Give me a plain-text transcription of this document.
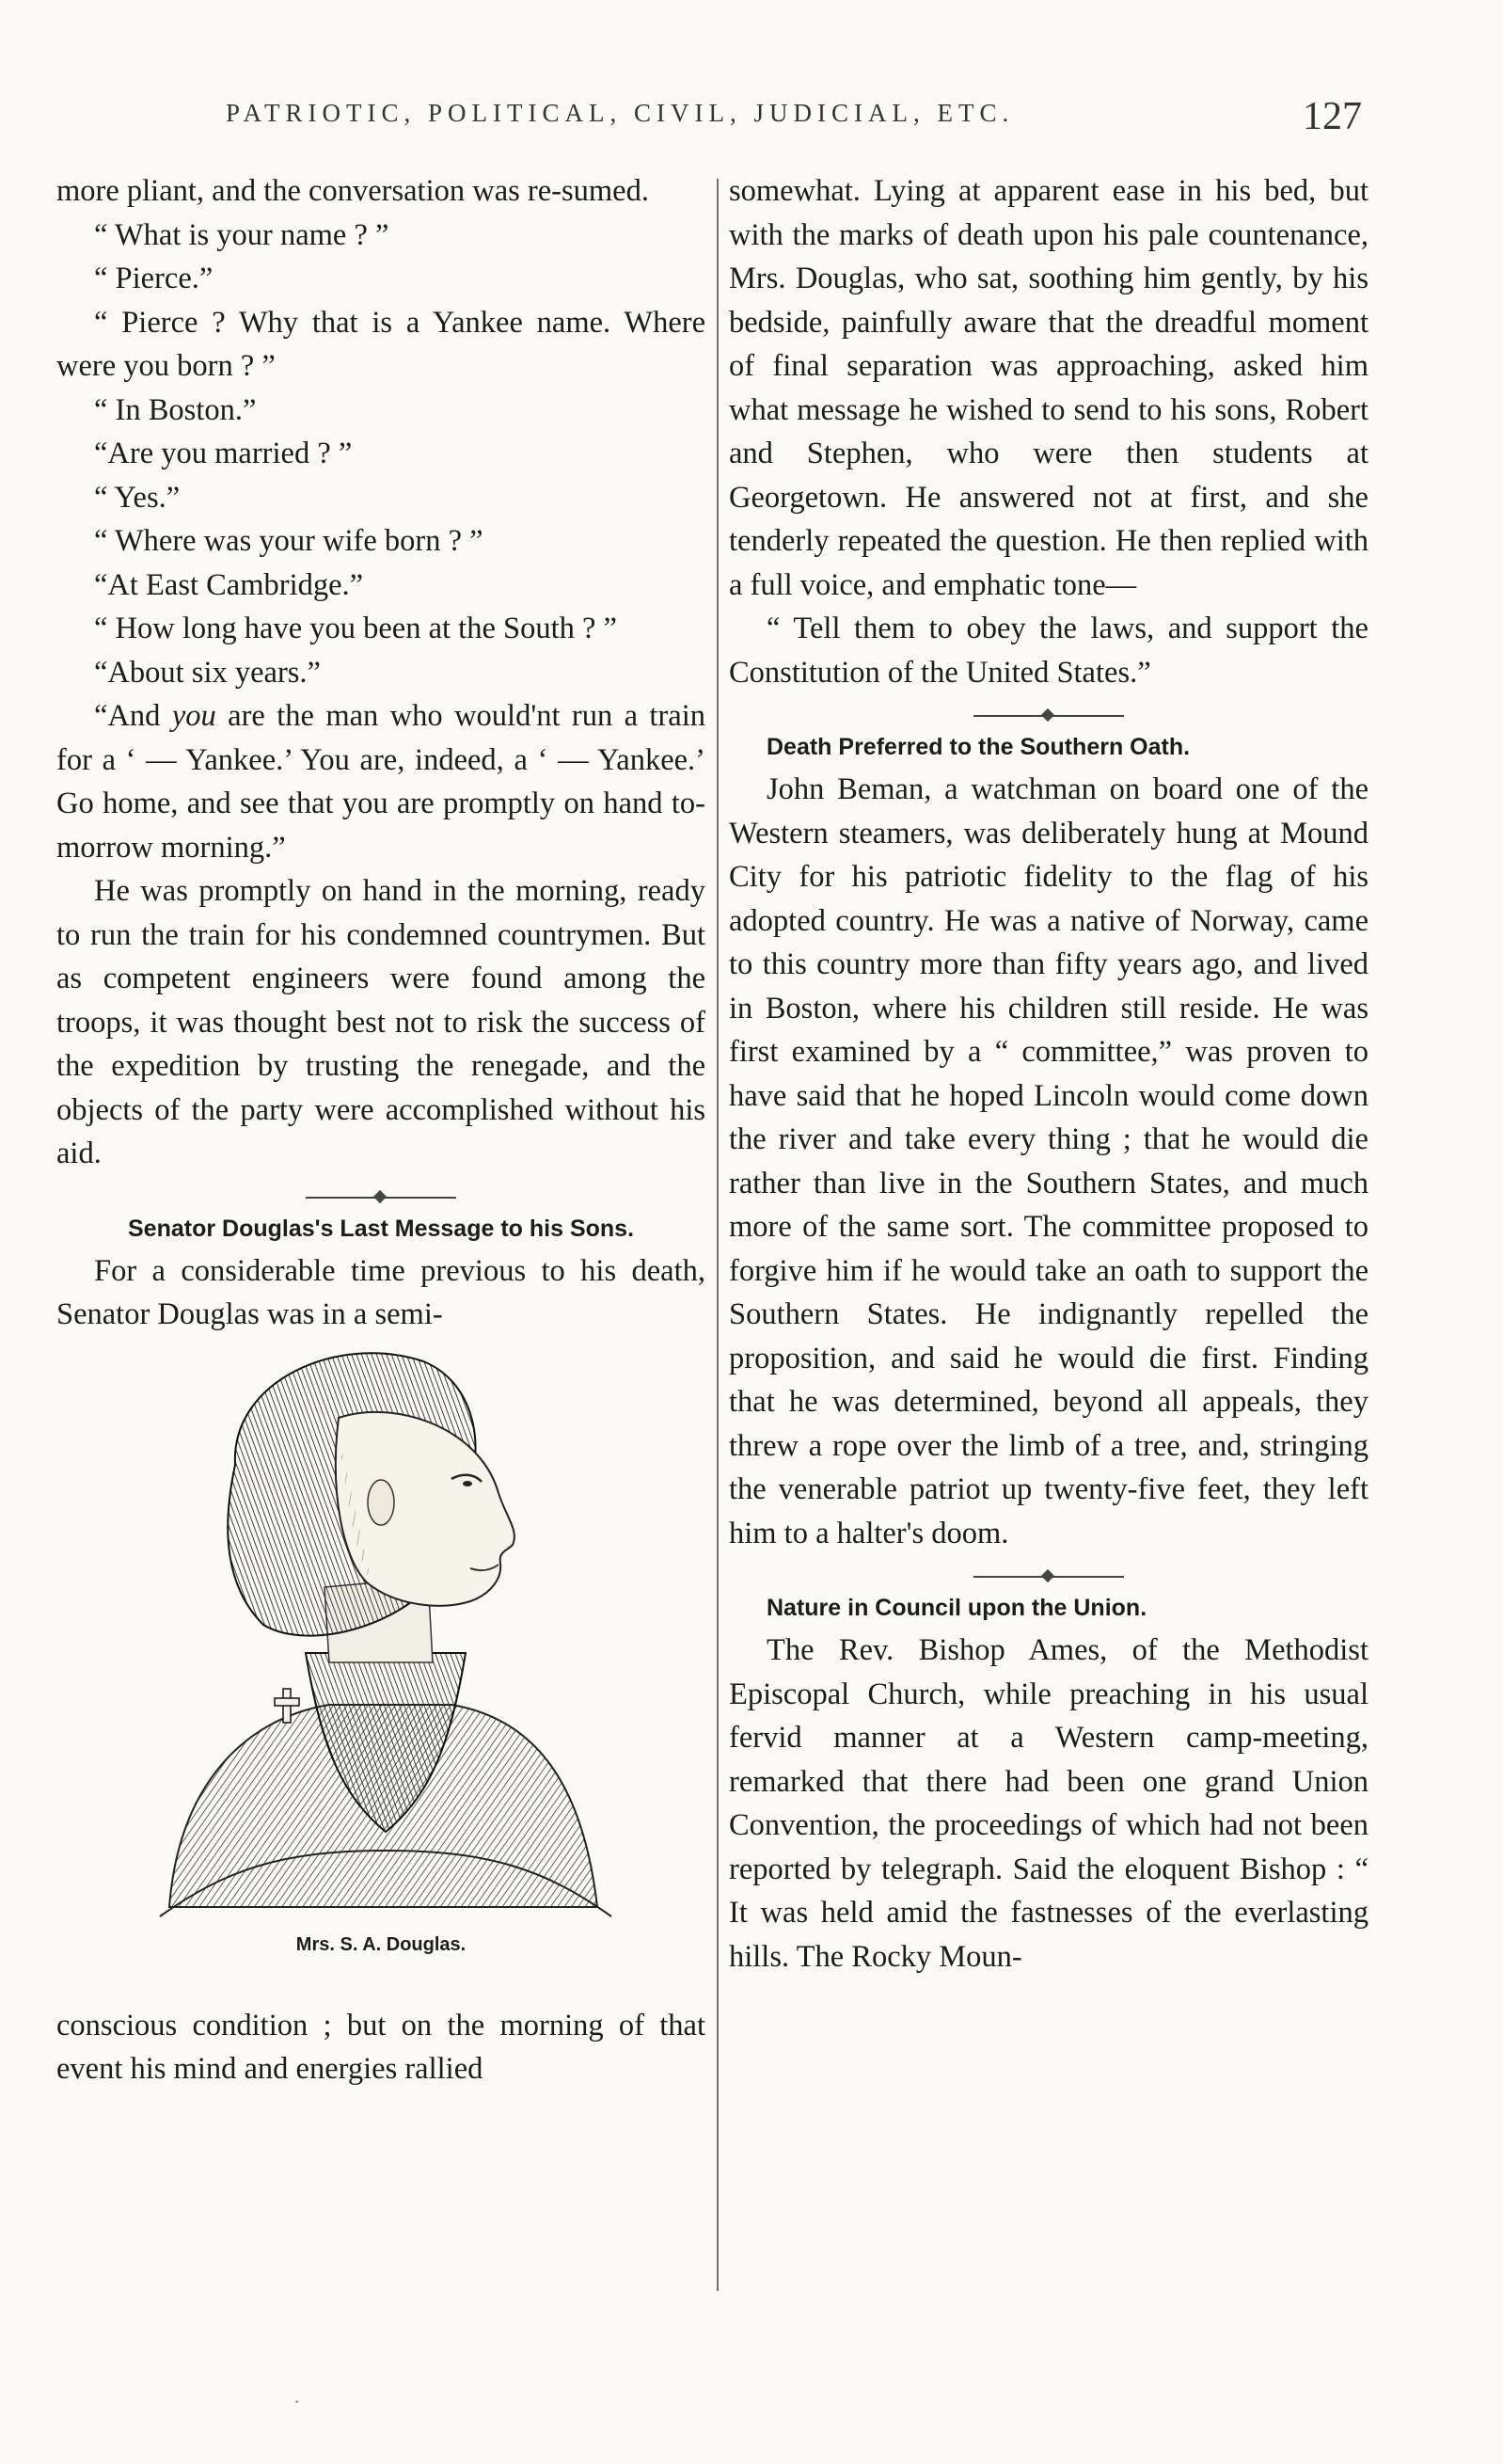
PATRIOTIC, POLITICAL, CIVIL, JUDICIAL, ETC.	127

more pliant, and the conversation was re-sumed.

“ What is your name ? ”

“ Pierce.”

“ Pierce ? Why that is a Yankee name. Where were you born ? ”

“ In Boston.”

“Are you married ? ”

“ Yes.”

“ Where was your wife born ? ”

“At East Cambridge.”

“ How long have you been at the South ? ”

“About six years.”

“And you are the man who would'nt run a train for a ‘ — Yankee.’ You are, indeed, a ‘ — Yankee.’ Go home, and see that you are promptly on hand to-morrow morning.”

He was promptly on hand in the morning, ready to run the train for his condemned countrymen. But as competent engineers were found among the troops, it was thought best not to risk the success of the expedition by trusting the renegade, and the objects of the party were accomplished without his aid.

Senator Douglas's Last Message to his Sons.

For a considerable time previous to his death, Senator Douglas was in a semi-

Mrs. S. A. Douglas.

conscious condition ; but on the morning of that event his mind and energies rallied

somewhat. Lying at apparent ease in his bed, but with the marks of death upon his pale countenance, Mrs. Douglas, who sat, soothing him gently, by his bedside, painfully aware that the dreadful moment of final separation was approaching, asked him what message he wished to send to his sons, Robert and Stephen, who were then students at Georgetown. He answered not at first, and she tenderly repeated the question. He then replied with a full voice, and emphatic tone—

“ Tell them to obey the laws, and support the Constitution of the United States.”

Death Preferred to the Southern Oath.

John Beman, a watchman on board one of the Western steamers, was deliberately hung at Mound City for his patriotic fidelity to the flag of his adopted country. He was a native of Norway, came to this country more than fifty years ago, and lived in Boston, where his children still reside. He was first examined by a “ committee,” was proven to have said that he hoped Lincoln would come down the river and take every thing ; that he would die rather than live in the Southern States, and much more of the same sort. The committee proposed to forgive him if he would take an oath to support the Southern States. He indignantly repelled the proposition, and said he would die first. Finding that he was determined, beyond all appeals, they threw a rope over the limb of a tree, and, stringing the venerable patriot up twenty-five feet, they left him to a halter's doom.

Nature in Council upon the Union.

The Rev. Bishop Ames, of the Methodist Episcopal Church, while preaching in his usual fervid manner at a Western camp-meeting, remarked that there had been one grand Union Convention, the proceedings of which had not been reported by telegraph. Said the eloquent Bishop : “ It was held amid the fastnesses of the everlasting hills. The Rocky Moun-

·
